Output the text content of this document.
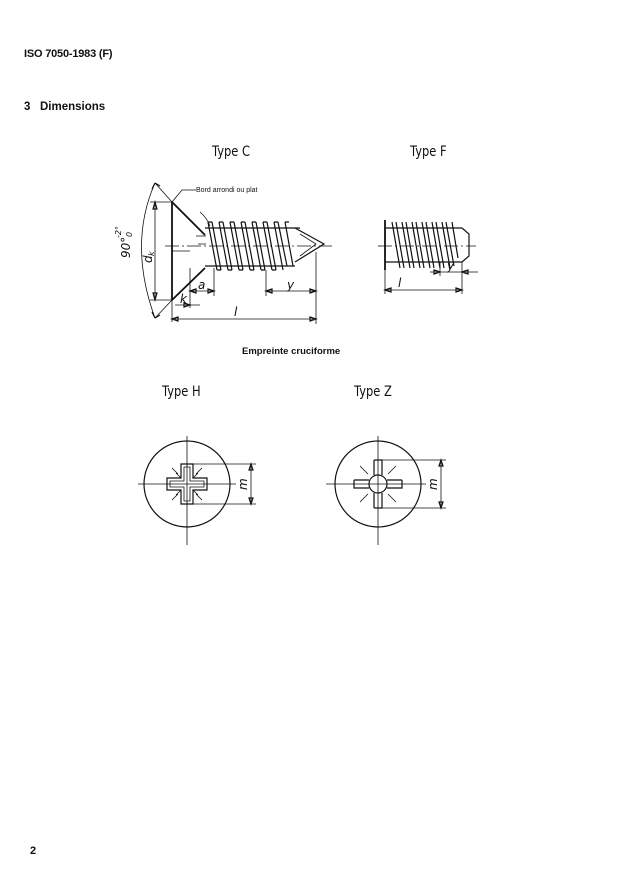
ISO 7050-1983 (F)
3 Dimensions
Type C	Type F
Empreinte cruciforme
Type H	Type Z
Bord arrondi ou plat
90°
-2° 0
d
k
k
a	y
l
y
l
m	m
2
